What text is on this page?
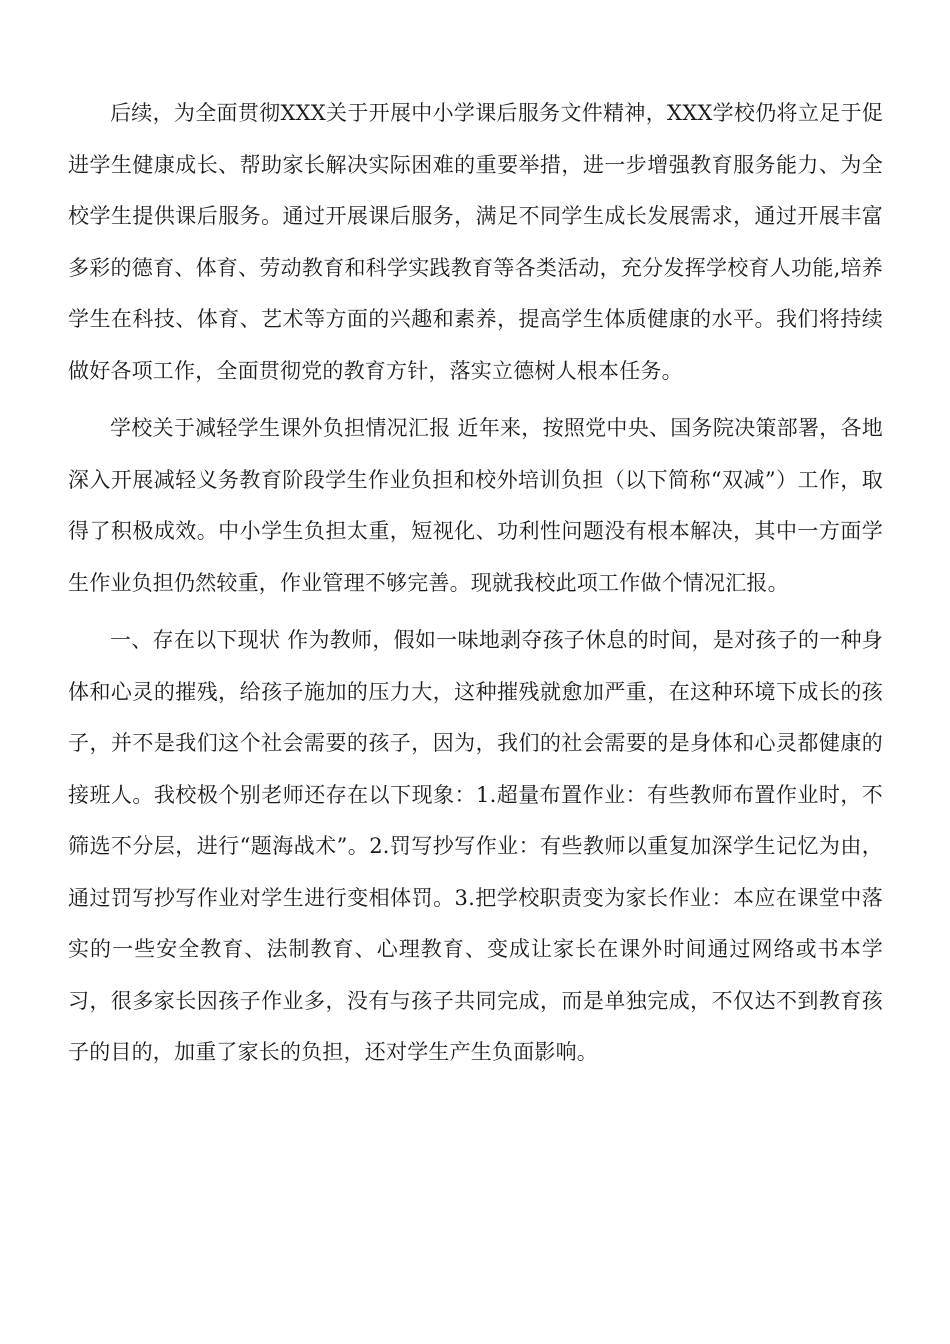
后续，为全面贯彻XXX关于开展中小学课后服务文件精神，XXX学校仍将立足于促进学生健康成长、帮助家长解决实际困难的重要举措，进一步增强教育服务能力、为全校学生提供课后服务。通过开展课后服务，满足不同学生成长发展需求，通过开展丰富多彩的德育、体育、劳动教育和科学实践教育等各类活动，充分发挥学校育人功能,培养学生在科技、体育、艺术等方面的兴趣和素养，提高学生体质健康的水平。我们将持续做好各项工作，全面贯彻党的教育方针，落实立德树人根本任务。

学校关于减轻学生课外负担情况汇报 近年来，按照党中央、国务院决策部署，各地深入开展减轻义务教育阶段学生作业负担和校外培训负担（以下简称“双减”）工作，取得了积极成效。中小学生负担太重，短视化、功利性问题没有根本解决，其中一方面学生作业负担仍然较重，作业管理不够完善。现就我校此项工作做个情况汇报。

一、存在以下现状 作为教师，假如一味地剥夺孩子休息的时间，是对孩子的一种身体和心灵的摧残，给孩子施加的压力大，这种摧残就愈加严重，在这种环境下成长的孩子，并不是我们这个社会需要的孩子，因为，我们的社会需要的是身体和心灵都健康的接班人。我校极个别老师还存在以下现象：1.超量布置作业：有些教师布置作业时，不筛选不分层，进行“题海战术”。2.罚写抄写作业：有些教师以重复加深学生记忆为由，通过罚写抄写作业对学生进行变相体罚。3.把学校职责变为家长作业：本应在课堂中落实的一些安全教育、法制教育、心理教育、变成让家长在课外时间通过网络或书本学习，很多家长因孩子作业多，没有与孩子共同完成，而是单独完成，不仅达不到教育孩子的目的，加重了家长的负担，还对学生产生负面影响。
